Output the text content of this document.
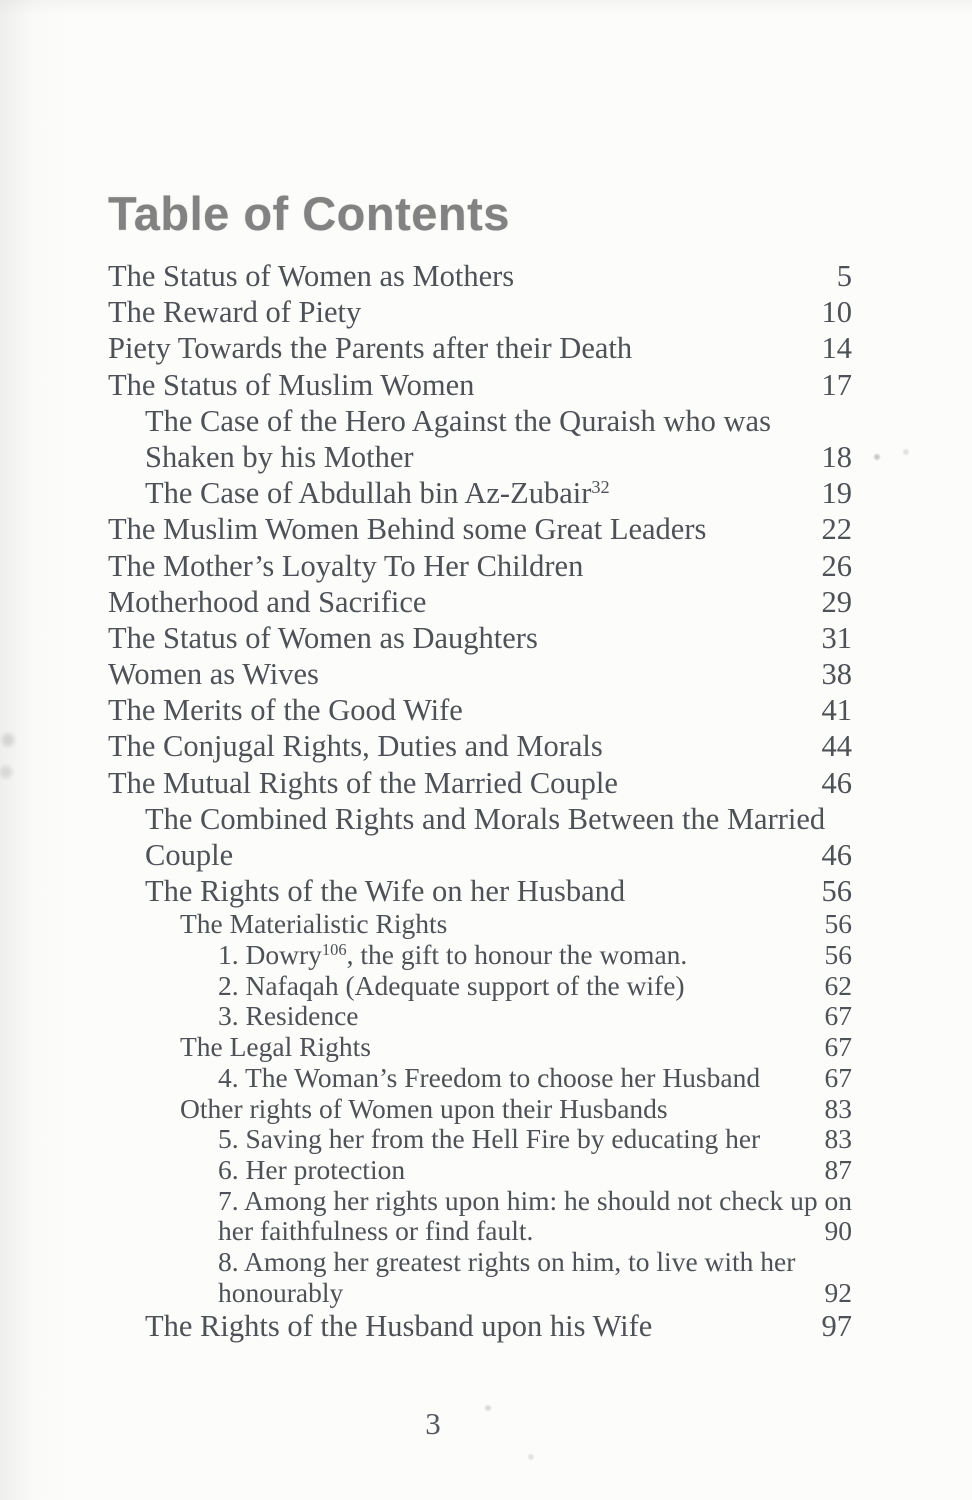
Table of Contents
The Status of Women as Mothers	5
The Reward of Piety	10
Piety Towards the Parents after their Death	14
The Status of Muslim Women	17
The Case of the Hero Against the Quraish who was
Shaken by his Mother	18
The Case of Abdullah bin Az-Zubair$^{32}$	19
The Muslim Women Behind some Great Leaders	22
The Mother’s Loyalty To Her Children	26
Motherhood and Sacrifice	29
The Status of Women as Daughters	31
Women as Wives	38
The Merits of the Good Wife	41
The Conjugal Rights, Duties and Morals	44
The Mutual Rights of the Married Couple	46
The Combined Rights and Morals Between the Married
Couple	46
The Rights of the Wife on her Husband	56
The Materialistic Rights	56
1. Dowry$^{106}$, the gift to honour the woman.	56
2. Nafaqah (Adequate support of the wife)	62
3. Residence	67
The Legal Rights	67
4. The Woman’s Freedom to choose her Husband 67
Other rights of Women upon their Husbands	83
5. Saving her from the Hell Fire by educating her 83
6. Her protection	87
7. Among her rights upon him: he should not check up on
her faithfulness or find fault.	90
8. Among her greatest rights on him, to live with her
honourably	92
The Rights of the Husband upon his Wife	97
3
